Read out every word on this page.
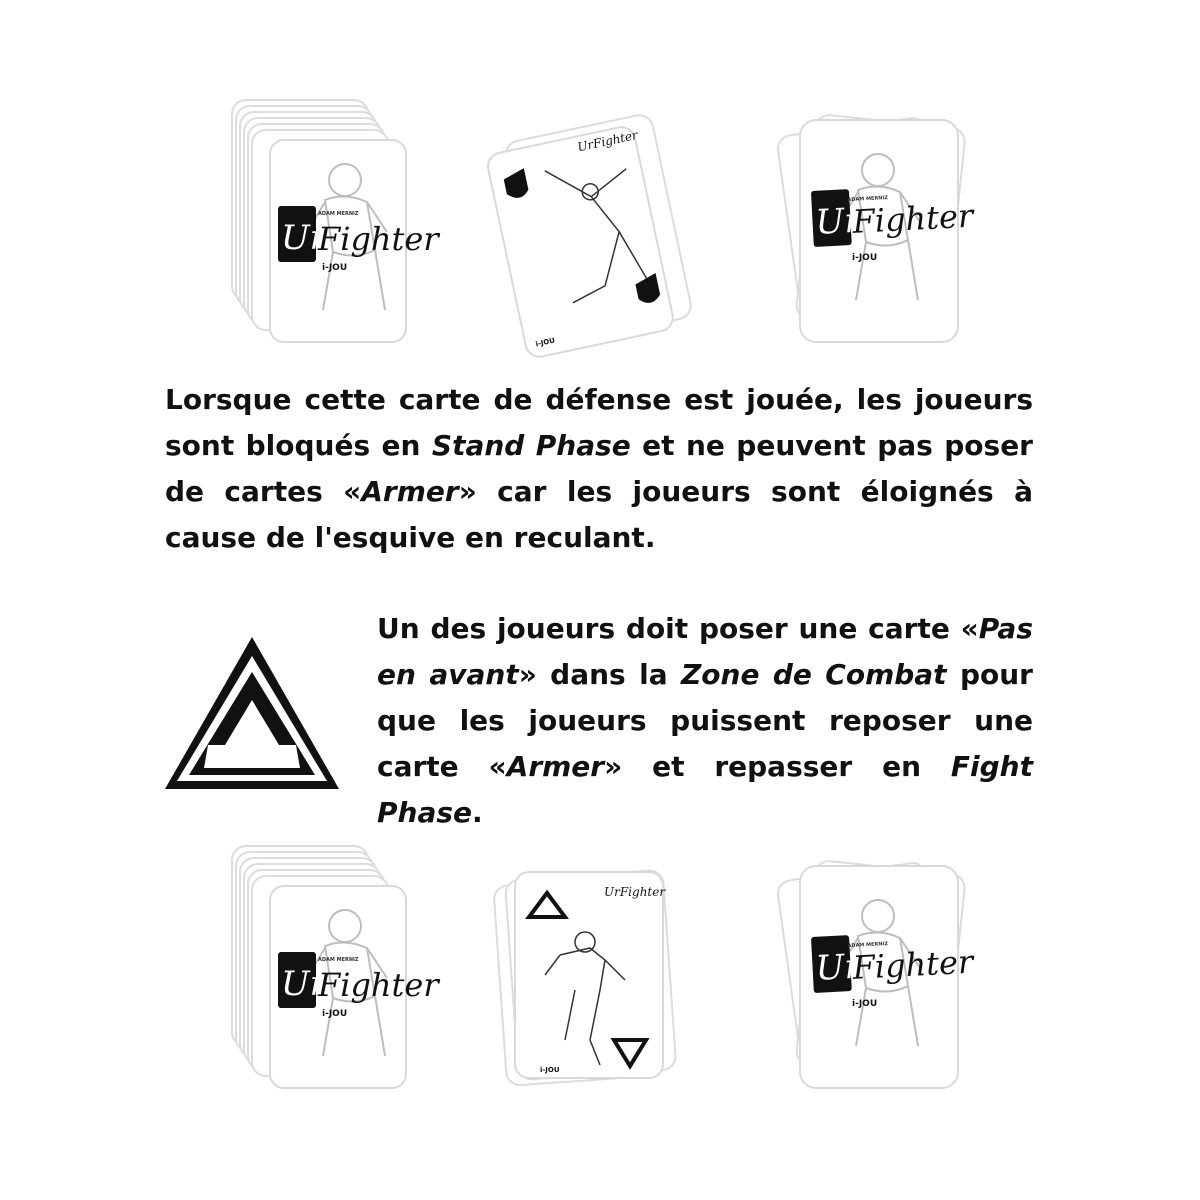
Ur
Fighter
ADAM MERNIZ
i-JOU
UrFighter
i-JOU
ADAM MERNIZ
i-JOU
ADAM MERNIZ
i-JOU
UrFighter
i-JOU
ADAM MERNIZ
i-JOU

Lorsque cette carte de défense est jouée, les joueurs sont bloqués en Stand Phase et ne peuvent pas poser de cartes «Armer» car les joueurs sont éloignés à cause de l'esquive en reculant.

Un des joueurs doit poser une carte «Pas en avant» dans la Zone de Combat pour que les joueurs puissent reposer une carte «Armer» et repasser en Fight Phase.
